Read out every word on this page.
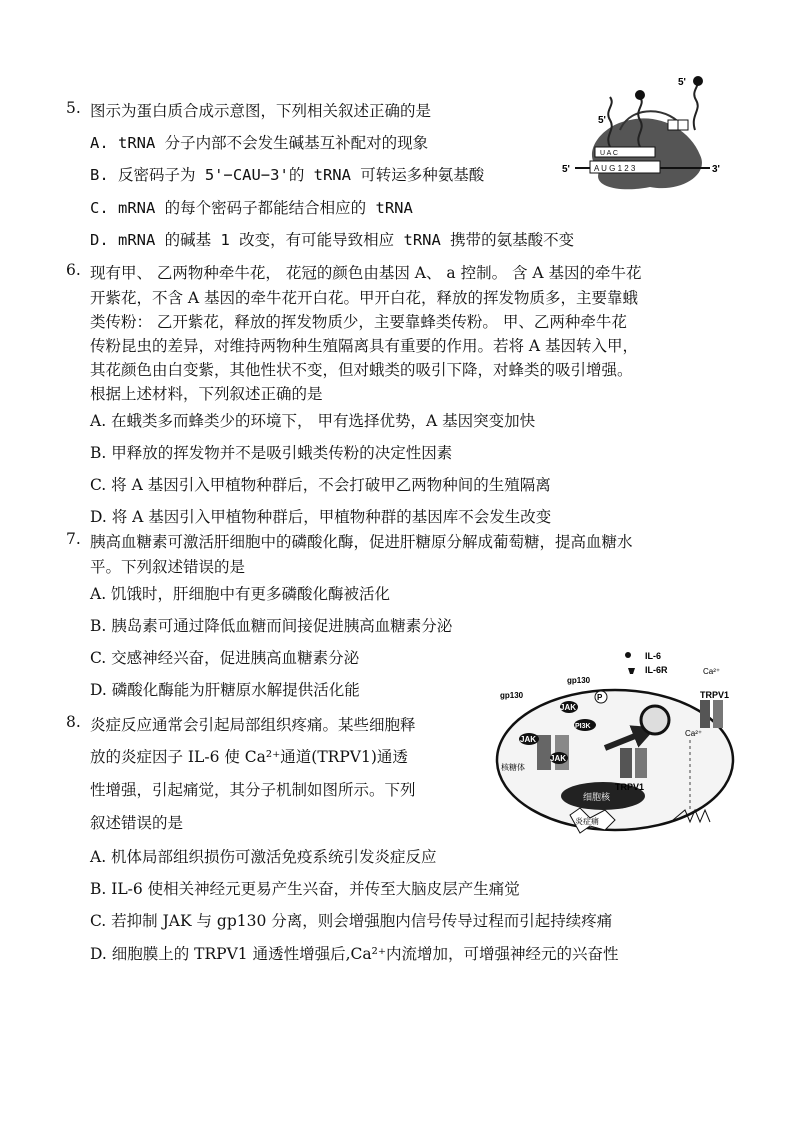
5. 图示为蛋白质合成示意图，下列相关叙述正确的是
A. tRNA 分子内部不会发生碱基互补配对的现象
B. 反密码子为 5'−CAU−3'的 tRNA 可转运多种氨基酸
C. mRNA 的每个密码子都能结合相应的 tRNA
D. mRNA 的碱基 1 改变，有可能导致相应 tRNA 携带的氨基酸不变
A U G 1 2 3
U A C
5'
5'
5'	3'
6. 现有甲、 乙两物种牵牛花， 花冠的颜色由基因 A、 a 控制。 含 A 基因的牵牛花
开紫花，不含 A 基因的牵牛花开白花。甲开白花，释放的挥发物质多，主要靠蛾
类传粉： 乙开紫花，释放的挥发物质少，主要靠蜂类传粉。 甲、乙两种牵牛花
传粉昆虫的差异，对维持两物种生殖隔离具有重要的作用。若将 A 基因转入甲，
其花颜色由白变紫，其他性状不变，但对蛾类的吸引下降，对蜂类的吸引增强。
根据上述材料，下列叙述正确的是
A. 在蛾类多而蜂类少的环境下， 甲有选择优势，A 基因突变加快
B. 甲释放的挥发物并不是吸引蛾类传粉的决定性因素
C. 将 A 基因引入甲植物种群后，不会打破甲乙两物种间的生殖隔离
D. 将 A 基因引入甲植物种群后，甲植物种群的基因库不会发生改变
7. 胰高血糖素可激活肝细胞中的磷酸化酶，促进肝糖原分解成葡萄糖，提高血糖水
平。下列叙述错误的是
A. 饥饿时，肝细胞中有更多磷酸化酶被活化
B. 胰岛素可通过降低血糖而间接促进胰高血糖素分泌
C. 交感神经兴奋，促进胰高血糖素分泌
D. 磷酸化酶能为肝糖原水解提供活化能
8. 炎症反应通常会引起局部组织疼痛。某些细胞释
放的炎症因子 IL-6 使 Ca²⁺通道(TRPV1)通透
性增强，引起痛觉，其分子机制如图所示。下列
叙述错误的是
A. 机体局部组织损伤可激活免疫系统引发炎症反应
B. IL-6 使相关神经元更易产生兴奋，并传至大脑皮层产生痛觉
C. 若抑制 JAK 与 gp130 分离，则会增强胞内信号传导过程而引起持续疼痛
D. 细胞膜上的 TRPV1 通透性增强后,Ca²⁺内流增加，可增强神经元的兴奋性
细胞核
JAK
JAK
JAK
PI3K
P
TRPV1
TRPV1
Ca²⁺
Ca²⁺
IL-6
IL-6R
gp130
gp130
核糖体
炎症痛
